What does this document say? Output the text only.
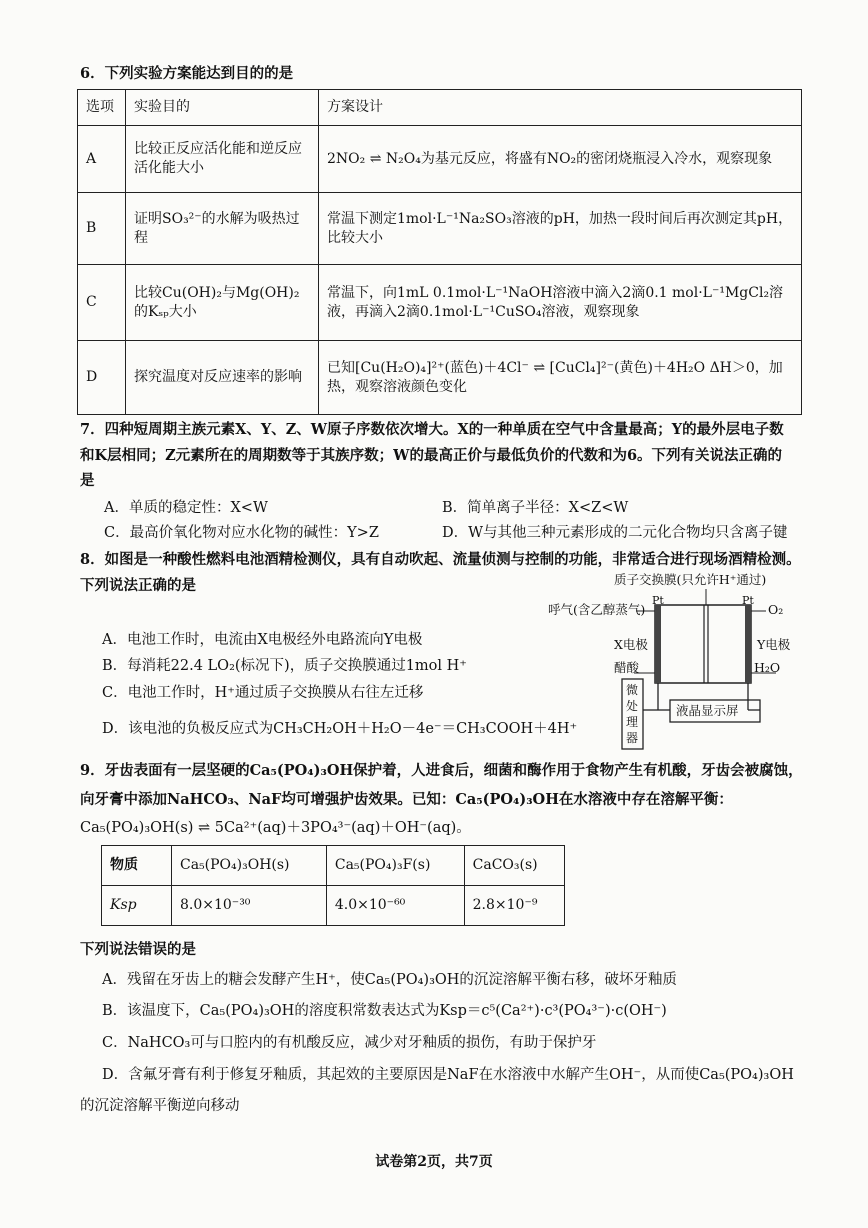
6．下列实验方案能达到目的的是
选项	实验目的	方案设计
A	比较正反应活化能和逆反应活化能大小	2NO₂ ⇌ N₂O₄为基元反应，将盛有NO₂的密闭烧瓶浸入冷水，观察现象
B	证明SO₃²⁻的水解为吸热过程	常温下测定1mol·L⁻¹Na₂SO₃溶液的pH，加热一段时间后再次测定其pH，比较大小
C	比较Cu(OH)₂与Mg(OH)₂的Kₛₚ大小	常温下，向1mL 0.1mol·L⁻¹NaOH溶液中滴入2滴0.1 mol·L⁻¹MgCl₂溶液，再滴入2滴0.1mol·L⁻¹CuSO₄溶液，观察现象
D	探究温度对反应速率的影响	已知[Cu(H₂O)₄]²⁺(蓝色)＋4Cl⁻ ⇌ [CuCl₄]²⁻(黄色)＋4H₂O ΔH＞0，加热，观察溶液颜色变化
7．四种短周期主族元素X、Y、Z、W原子序数依次增大。X的一种单质在空气中含量最高；Y的最外层电子数
和K层相同；Z元素所在的周期数等于其族序数；W的最高正价与最低负价的代数和为6。下列有关说法正确的
是
A．单质的稳定性：X<W	B．简单离子半径：X<Z<W
C．最高价氧化物对应水化物的碱性：Y>Z	D．W与其他三种元素形成的二元化合物均只含离子键
8．如图是一种酸性燃料电池酒精检测仪，具有自动吹起、流量侦测与控制的功能，非常适合进行现场酒精检测。
下列说法正确的是
A．电池工作时，电流由X电极经外电路流向Y电极
B．每消耗22.4 LO₂(标况下)，质子交换膜通过1mol H⁺
C．电池工作时，H⁺通过质子交换膜从右往左迁移
D．该电池的负极反应式为CH₃CH₂OH＋H₂O－4e⁻＝CH₃COOH＋4H⁺
质子交换膜(只允许H⁺通过)
Pt	Pt
呼气(含乙醇蒸气)	O₂
X电极	Y电极
醋酸	H₂O
微处理器
液晶显示屏
9．牙齿表面有一层坚硬的Ca₅(PO₄)₃OH保护着，人进食后，细菌和酶作用于食物产生有机酸，牙齿会被腐蚀，
向牙膏中添加NaHCO₃、NaF均可增强护齿效果。已知：Ca₅(PO₄)₃OH在水溶液中存在溶解平衡：
Ca₅(PO₄)₃OH(s) ⇌ 5Ca²⁺(aq)＋3PO₄³⁻(aq)＋OH⁻(aq)。
物质	Ca₅(PO₄)₃OH(s)	Ca₅(PO₄)₃F(s)	CaCO₃(s)
Ksp	8.0×10⁻³⁰	4.0×10⁻⁶⁰	2.8×10⁻⁹
下列说法错误的是
A．残留在牙齿上的糖会发酵产生H⁺，使Ca₅(PO₄)₃OH的沉淀溶解平衡右移，破坏牙釉质
B．该温度下，Ca₅(PO₄)₃OH的溶度积常数表达式为Ksp＝c⁵(Ca²⁺)·c³(PO₄³⁻)·c(OH⁻)
C．NaHCO₃可与口腔内的有机酸反应，减少对牙釉质的损伤，有助于保护牙
D．含氟牙膏有利于修复牙釉质，其起效的主要原因是NaF在水溶液中水解产生OH⁻，从而使Ca₅(PO₄)₃OH
的沉淀溶解平衡逆向移动
试卷第2页，共7页
